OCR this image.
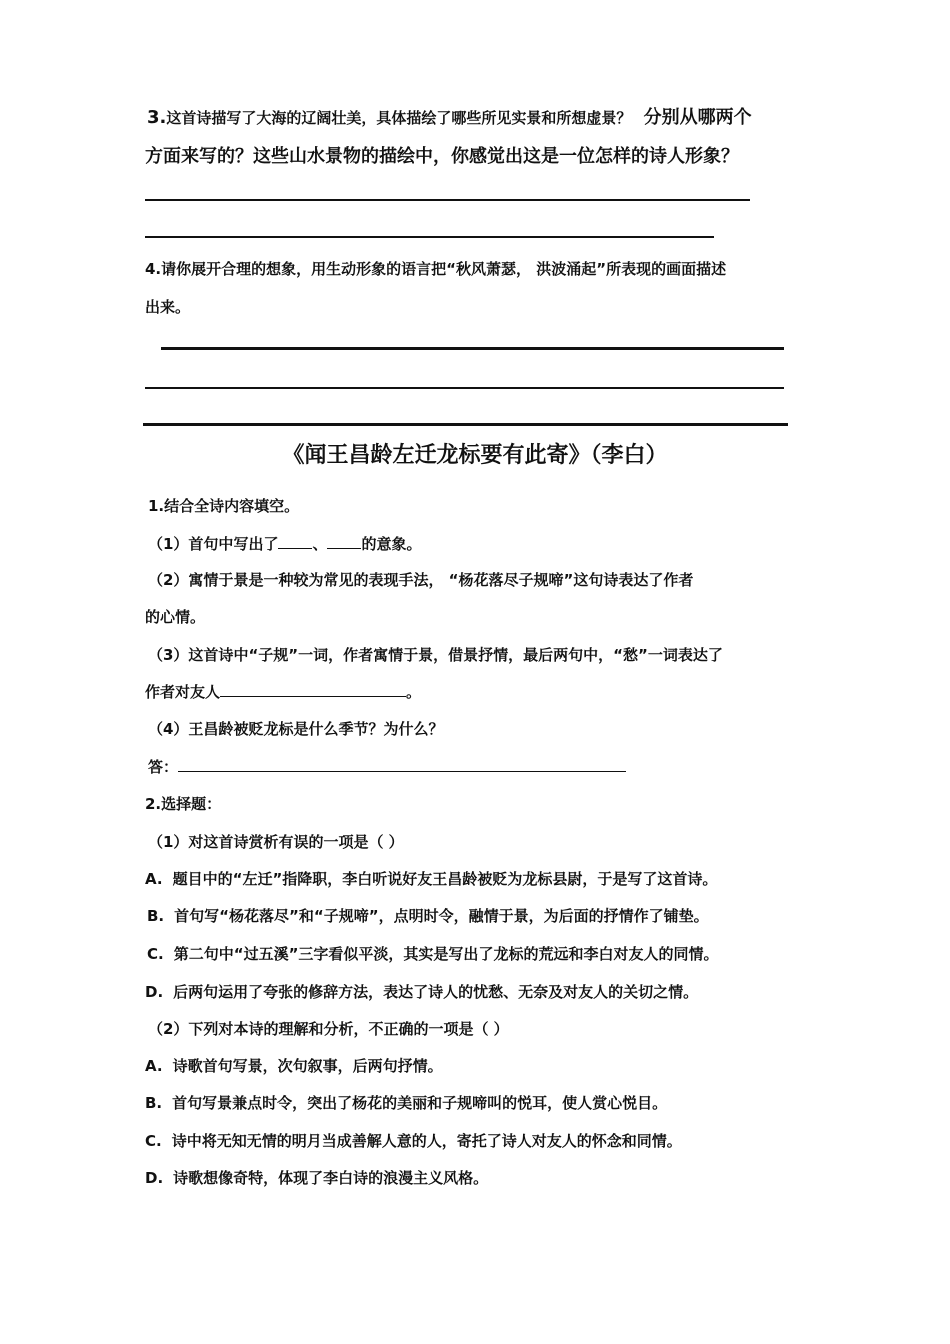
3.这首诗描写了大海的辽阔壮美，具体描绘了哪些所见实景和所想虚景？ 分别从哪两个
方面来写的？这些山水景物的描绘中，你感觉出这是一位怎样的诗人形象？
4.请你展开合理的想象，用生动形象的语言把“秋风萧瑟， 洪波涌起”所表现的画面描述
出来。
《闻王昌龄左迁龙标要有此寄》（李白）
1.结合全诗内容填空。
（1）首句中写出了 、 的意象。
（2）寓情于景是一种较为常见的表现手法， “杨花落尽子规啼”这句诗表达了作者
的心情。
（3）这首诗中“子规”一词，作者寓情于景，借景抒情，最后两句中，“愁”一词表达了
作者对友人	。
（4）王昌龄被贬龙标是什么季节？为什么？
答：
2.选择题：
（1）对这首诗赏析有误的一项是（ ）
A. 题目中的“左迁”指降职，李白听说好友王昌龄被贬为龙标县尉，于是写了这首诗。
B. 首句写“杨花落尽”和“子规啼”，点明时令，融情于景，为后面的抒情作了铺垫。
C. 第二句中“过五溪”三字看似平淡，其实是写出了龙标的荒远和李白对友人的同情。
D. 后两句运用了夸张的修辞方法，表达了诗人的忧愁、无奈及对友人的关切之情。
（2）下列对本诗的理解和分析，不正确的一项是（ ）
A. 诗歌首句写景，次句叙事，后两句抒情。
B. 首句写景兼点时令，突出了杨花的美丽和子规啼叫的悦耳，使人赏心悦目。
C. 诗中将无知无情的明月当成善解人意的人，寄托了诗人对友人的怀念和同情。
D. 诗歌想像奇特，体现了李白诗的浪漫主义风格。
